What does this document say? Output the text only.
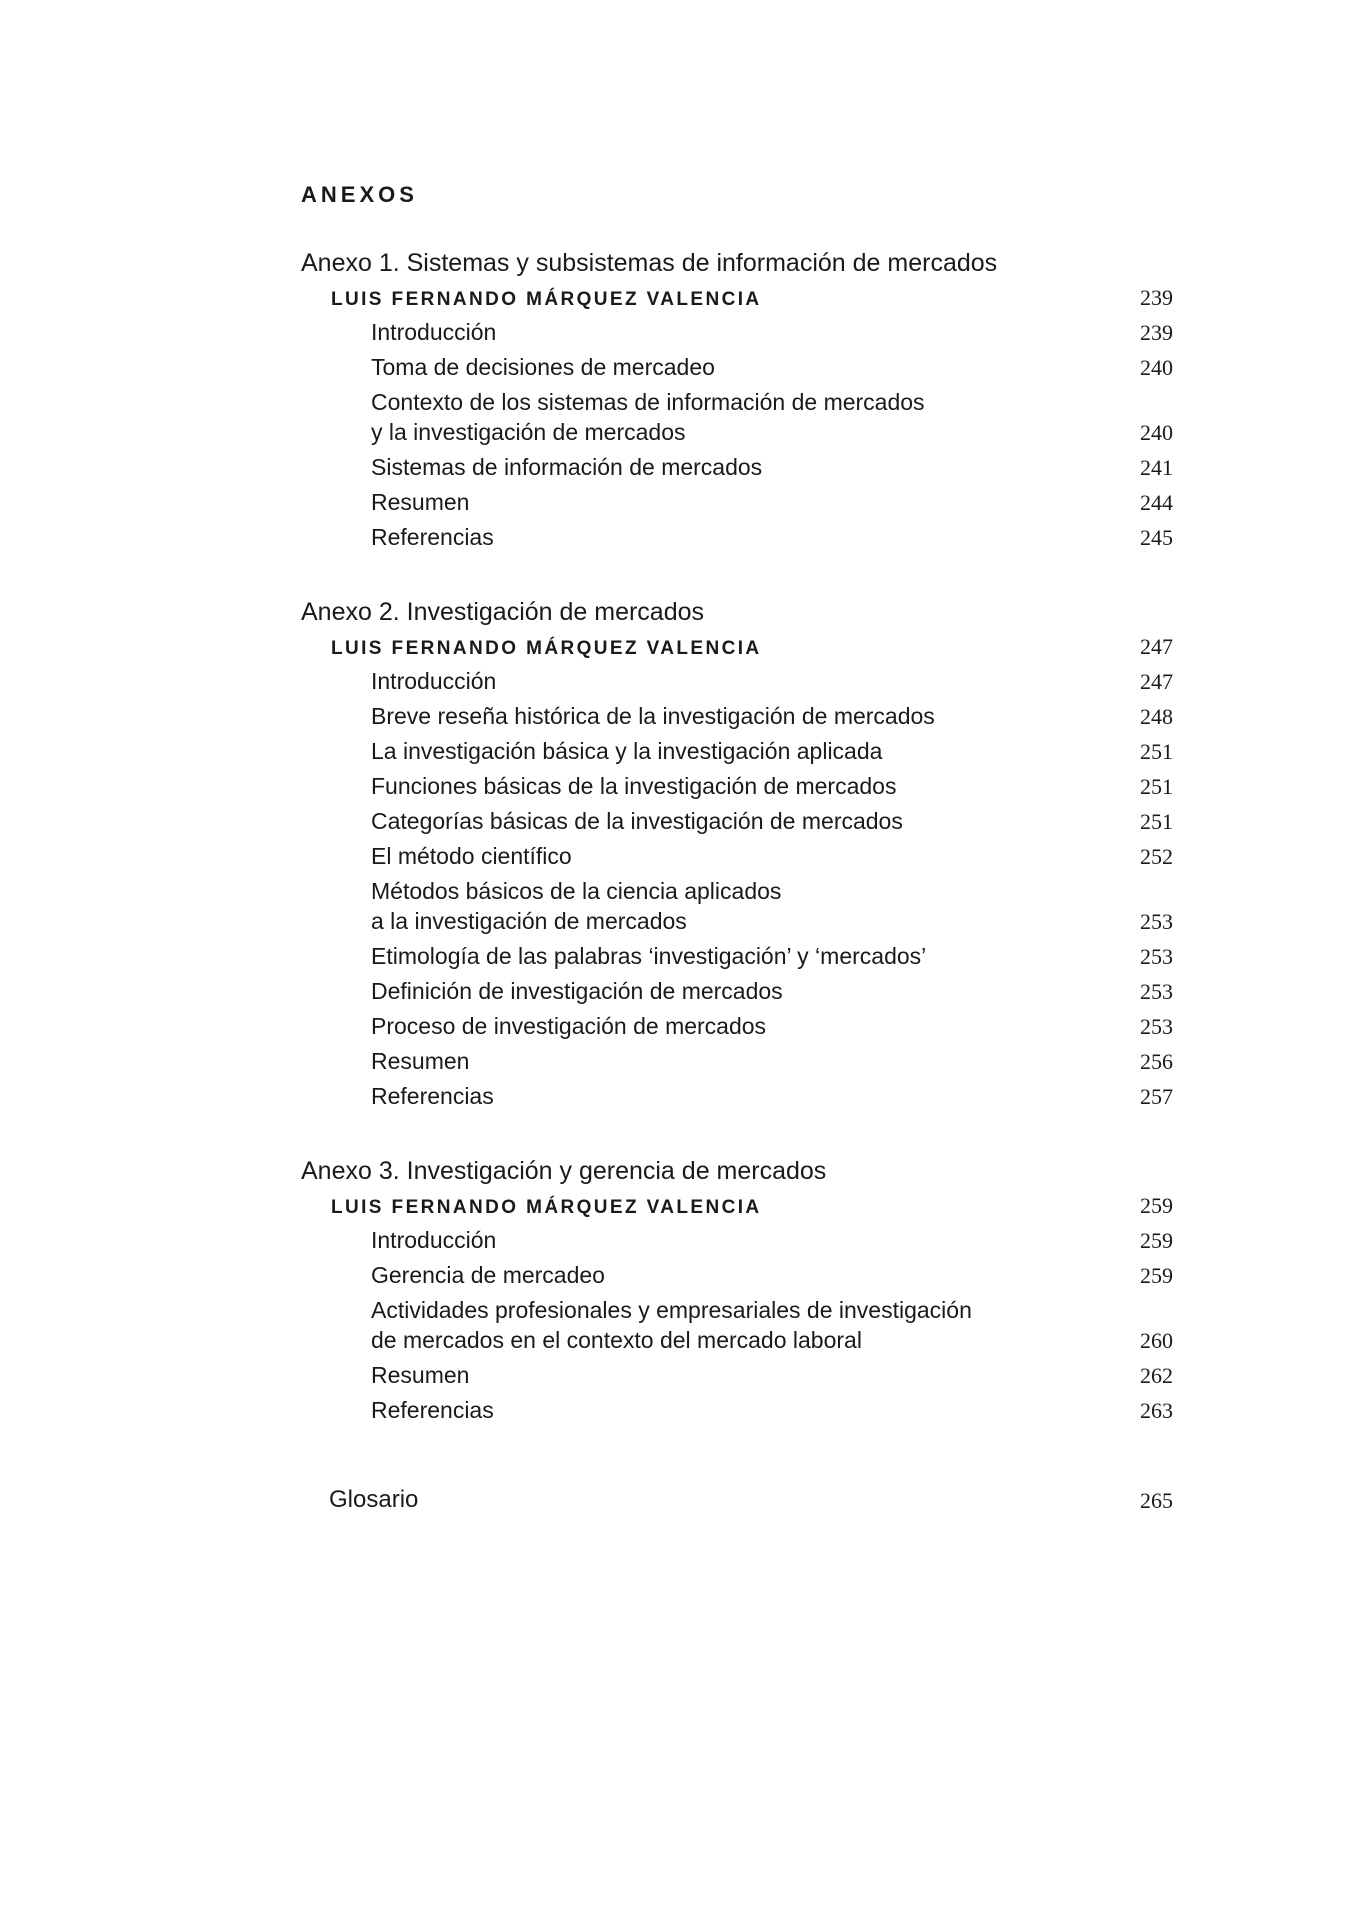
ANEXOS
Anexo 1. Sistemas y subsistemas de información de mercados
LUIS FERNANDO MÁRQUEZ VALENCIA	239
Introducción	239
Toma de decisiones de mercadeo	240
Contexto de los sistemas de información de mercados
y la investigación de mercados	240
Sistemas de información de mercados	241
Resumen	244
Referencias	245
Anexo 2. Investigación de mercados
LUIS FERNANDO MÁRQUEZ VALENCIA	247
Introducción	247
Breve reseña histórica de la investigación de mercados	248
La investigación básica y la investigación aplicada	251
Funciones básicas de la investigación de mercados	251
Categorías básicas de la investigación de mercados	251
El método científico	252
Métodos básicos de la ciencia aplicados
a la investigación de mercados	253
Etimología de las palabras ‘investigación’ y ‘mercados’	253
Definición de investigación de mercados	253
Proceso de investigación de mercados	253
Resumen	256
Referencias	257
Anexo 3. Investigación y gerencia de mercados
LUIS FERNANDO MÁRQUEZ VALENCIA	259
Introducción	259
Gerencia de mercadeo	259
Actividades profesionales y empresariales de investigación
de mercados en el contexto del mercado laboral	260
Resumen	262
Referencias	263
Glosario	265
